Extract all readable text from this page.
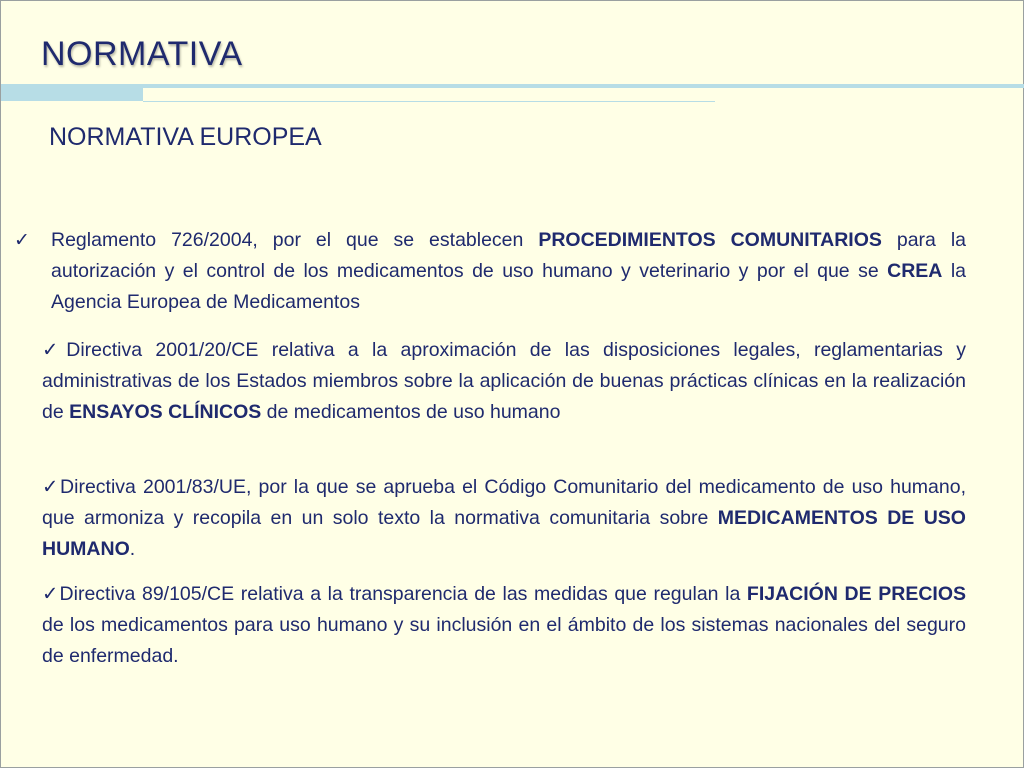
NORMATIVA
NORMATIVA EUROPEA
✓ Reglamento 726/2004, por el que se establecen PROCEDIMIENTOS COMUNITARIOS para la autorización y el control de los medicamentos de uso humano y veterinario y por el que se CREA la Agencia Europea de Medicamentos

✓Directiva 2001/20/CE relativa a la aproximación de las disposiciones legales, reglamentarias y administrativas de los Estados miembros sobre la aplicación de buenas prácticas clínicas en la realización de ENSAYOS CLÍNICOS de medicamentos de uso humano

✓Directiva 2001/83/UE, por la que se aprueba el Código Comunitario del medicamento de uso humano, que armoniza y recopila en un solo texto la normativa comunitaria sobre MEDICAMENTOS DE USO HUMANO.

✓Directiva 89/105/CE relativa a la transparencia de las medidas que regulan la FIJACIÓN DE PRECIOS de los medicamentos para uso humano y su inclusión en el ámbito de los sistemas nacionales del seguro de enfermedad.
